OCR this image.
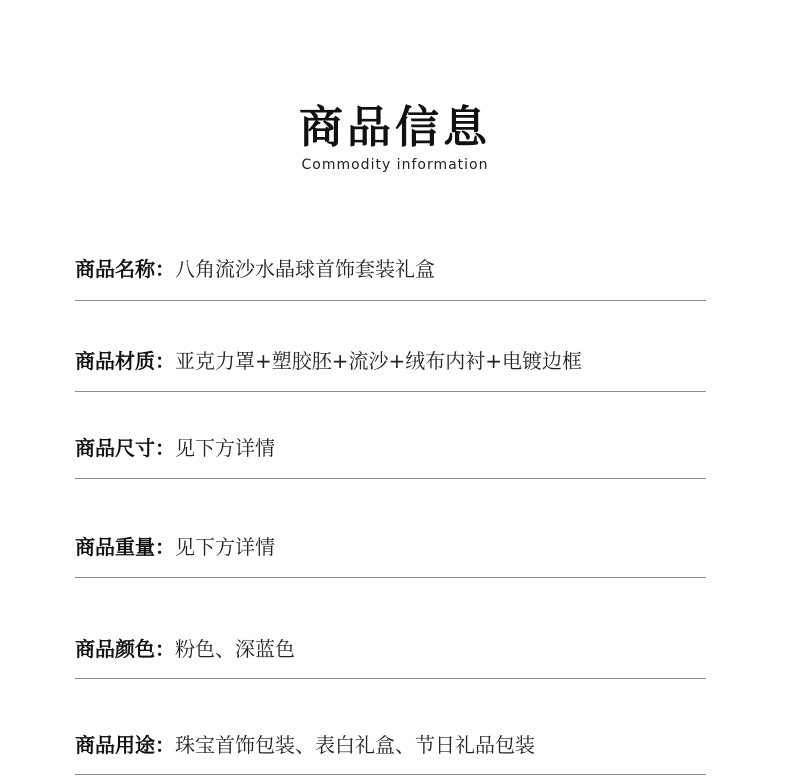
商品信息
Commodity information
商品名称：八角流沙水晶球首饰套装礼盒
商品材质：亚克力罩+塑胶胚+流沙+绒布内衬+电镀边框
商品尺寸：见下方详情
商品重量：见下方详情
商品颜色：粉色、深蓝色
商品用途：珠宝首饰包装、表白礼盒、节日礼品包装
